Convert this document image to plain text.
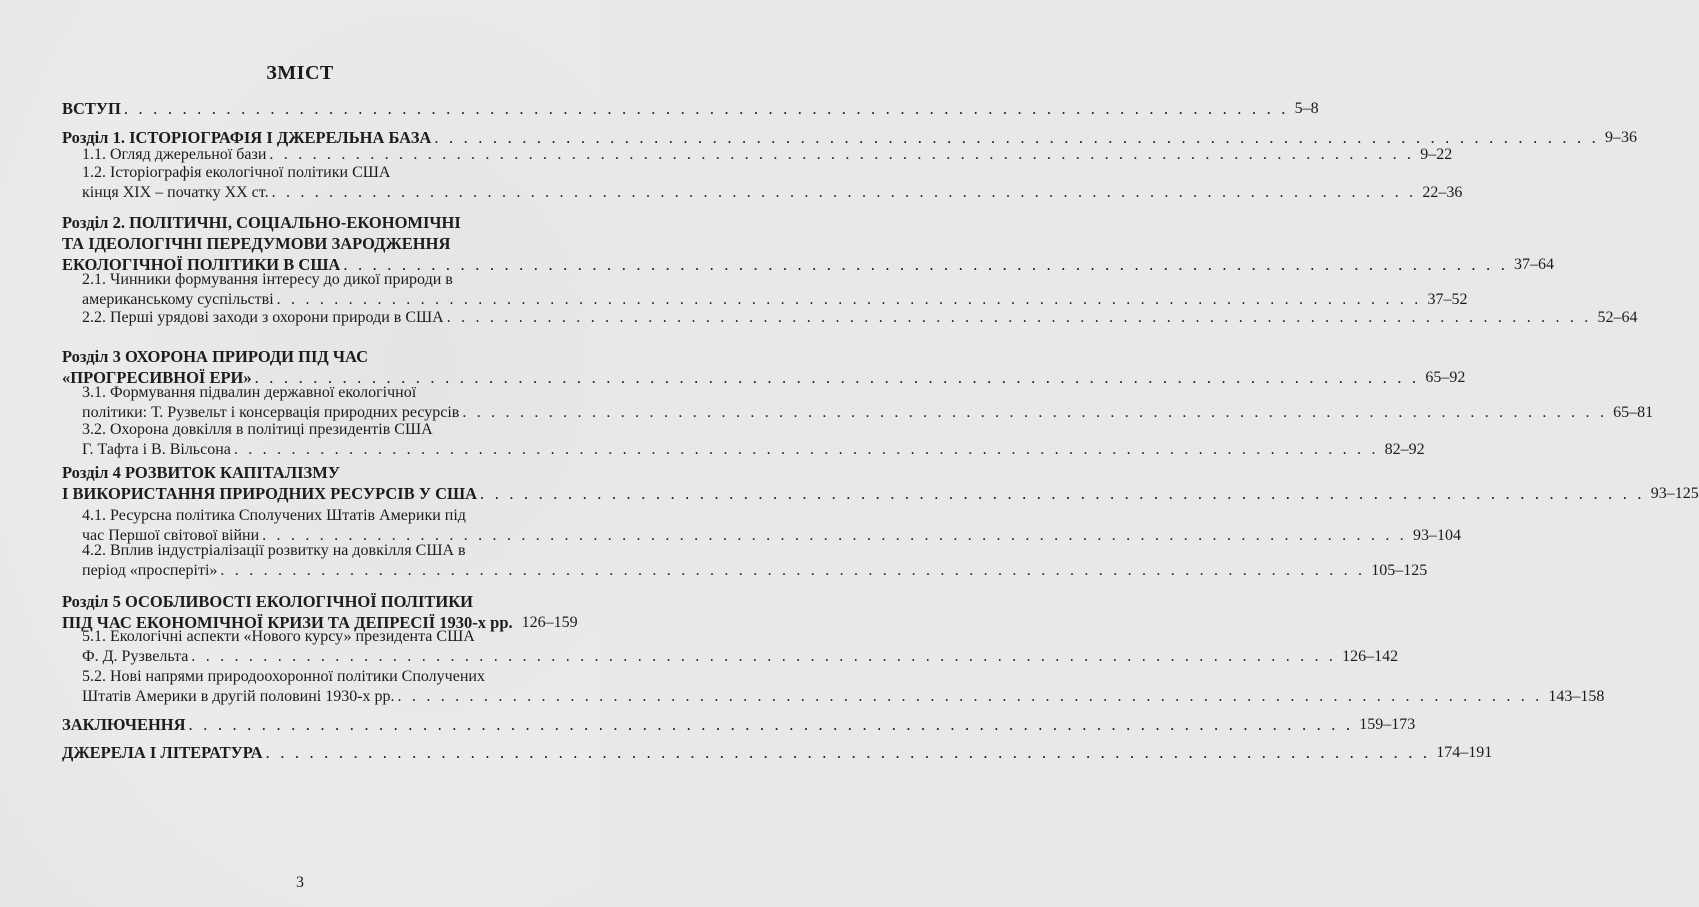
ЗМІСТ
ВСТУП . . . . . . . . . . . . . . . . . . . . . . . . . . . . . . . . . . . . . . . . . . . . . . . . . . . . . . . . . . . . . . . . . . . . . . . . . . . . . . . . 5–8
Розділ 1. ІСТОРІОГРАФІЯ І ДЖЕРЕЛЬНА БАЗА . . . . . . . . . . . . . . . . . . . . . . . . . . . . . . . . . . . . . . . . . . . . . . . . . . . . . . . . . . . . . . . . . . . . . . . . . . . . . . . . 9–36
1.1. Огляд джерельної бази . . . . . . . . . . . . . . . . . . . . . . . . . . . . . . . . . . . . . . . . . . . . . . . . . . . . . . . . . . . . . . . . . . . . . . . . . . . . . . . . 9–22
1.2. Історіографія екологічної політики США
кінця XIX – початку XX ст. . . . . . . . . . . . . . . . . . . . . . . . . . . . . . . . . . . . . . . . . . . . . . . . . . . . . . . . . . . . . . . . . . . . . . . . . . . . . . . . . 22–36
Розділ 2. ПОЛІТИЧНІ, СОЦІАЛЬНО-ЕКОНОМІЧНІ
ТА ІДЕОЛОГІЧНІ ПЕРЕДУМОВИ ЗАРОДЖЕННЯ
ЕКОЛОГІЧНОЇ ПОЛІТИКИ В США . . . . . . . . . . . . . . . . . . . . . . . . . . . . . . . . . . . . . . . . . . . . . . . . . . . . . . . . . . . . . . . . . . . . . . . . . . . . . . . . 37–64
2.1. Чинники формування інтересу до дикої природи в
американському суспільстві . . . . . . . . . . . . . . . . . . . . . . . . . . . . . . . . . . . . . . . . . . . . . . . . . . . . . . . . . . . . . . . . . . . . . . . . . . . . . . . . 37–52
2.2. Перші урядові заходи з охорони природи в США . . . . . . . . . . . . . . . . . . . . . . . . . . . . . . . . . . . . . . . . . . . . . . . . . . . . . . . . . . . . . . . . . . . . . . . . . . . . . . . . 52–64
Розділ 3 ОХОРОНА ПРИРОДИ ПІД ЧАС
«ПРОГРЕСИВНОЇ ЕРИ» . . . . . . . . . . . . . . . . . . . . . . . . . . . . . . . . . . . . . . . . . . . . . . . . . . . . . . . . . . . . . . . . . . . . . . . . . . . . . . . . 65–92
3.1. Формування підвалин державної екологічної
політики: Т. Рузвельт і консервація природних ресурсів . . . . . . . . . . . . . . . . . . . . . . . . . . . . . . . . . . . . . . . . . . . . . . . . . . . . . . . . . . . . . . . . . . . . . . . . . . . . . . . . 65–81
3.2. Охорона довкілля в політиці президентів США
Г. Тафта і В. Вільсона . . . . . . . . . . . . . . . . . . . . . . . . . . . . . . . . . . . . . . . . . . . . . . . . . . . . . . . . . . . . . . . . . . . . . . . . . . . . . . . . 82–92
Розділ 4 РОЗВИТОК КАПІТАЛІЗМУ
І ВИКОРИСТАННЯ ПРИРОДНИХ РЕСУРСІВ У США . . . . . . . . . . . . . . . . . . . . . . . . . . . . . . . . . . . . . . . . . . . . . . . . . . . . . . . . . . . . . . . . . . . . . . . . . . . . . . . . 93–125
4.1. Ресурсна політика Сполучених Штатів Америки під
час Першої світової війни . . . . . . . . . . . . . . . . . . . . . . . . . . . . . . . . . . . . . . . . . . . . . . . . . . . . . . . . . . . . . . . . . . . . . . . . . . . . . . . . 93–104
4.2. Вплив індустріалізації розвитку на довкілля США в
період «просперіті» . . . . . . . . . . . . . . . . . . . . . . . . . . . . . . . . . . . . . . . . . . . . . . . . . . . . . . . . . . . . . . . . . . . . . . . . . . . . . . . . 105–125
Розділ 5 ОСОБЛИВОСТІ ЕКОЛОГІЧНОЇ ПОЛІТИКИ
ПІД ЧАС ЕКОНОМІЧНОЇ КРИЗИ ТА ДЕПРЕСІЇ 1930-х рр. 126–159
5.1. Екологічні аспекти «Нового курсу» президента США
Ф. Д. Рузвельта . . . . . . . . . . . . . . . . . . . . . . . . . . . . . . . . . . . . . . . . . . . . . . . . . . . . . . . . . . . . . . . . . . . . . . . . . . . . . . . . 126–142
5.2. Нові напрями природоохоронної політики Сполучених
Штатів Америки в другій половині 1930-х рр. . . . . . . . . . . . . . . . . . . . . . . . . . . . . . . . . . . . . . . . . . . . . . . . . . . . . . . . . . . . . . . . . . . . . . . . . . . . . . . . . 143–158
ЗАКЛЮЧЕННЯ . . . . . . . . . . . . . . . . . . . . . . . . . . . . . . . . . . . . . . . . . . . . . . . . . . . . . . . . . . . . . . . . . . . . . . . . . . . . . . . . 159–173
ДЖЕРЕЛА І ЛІТЕРАТУРА . . . . . . . . . . . . . . . . . . . . . . . . . . . . . . . . . . . . . . . . . . . . . . . . . . . . . . . . . . . . . . . . . . . . . . . . . . . . . . . . 174–191
3
